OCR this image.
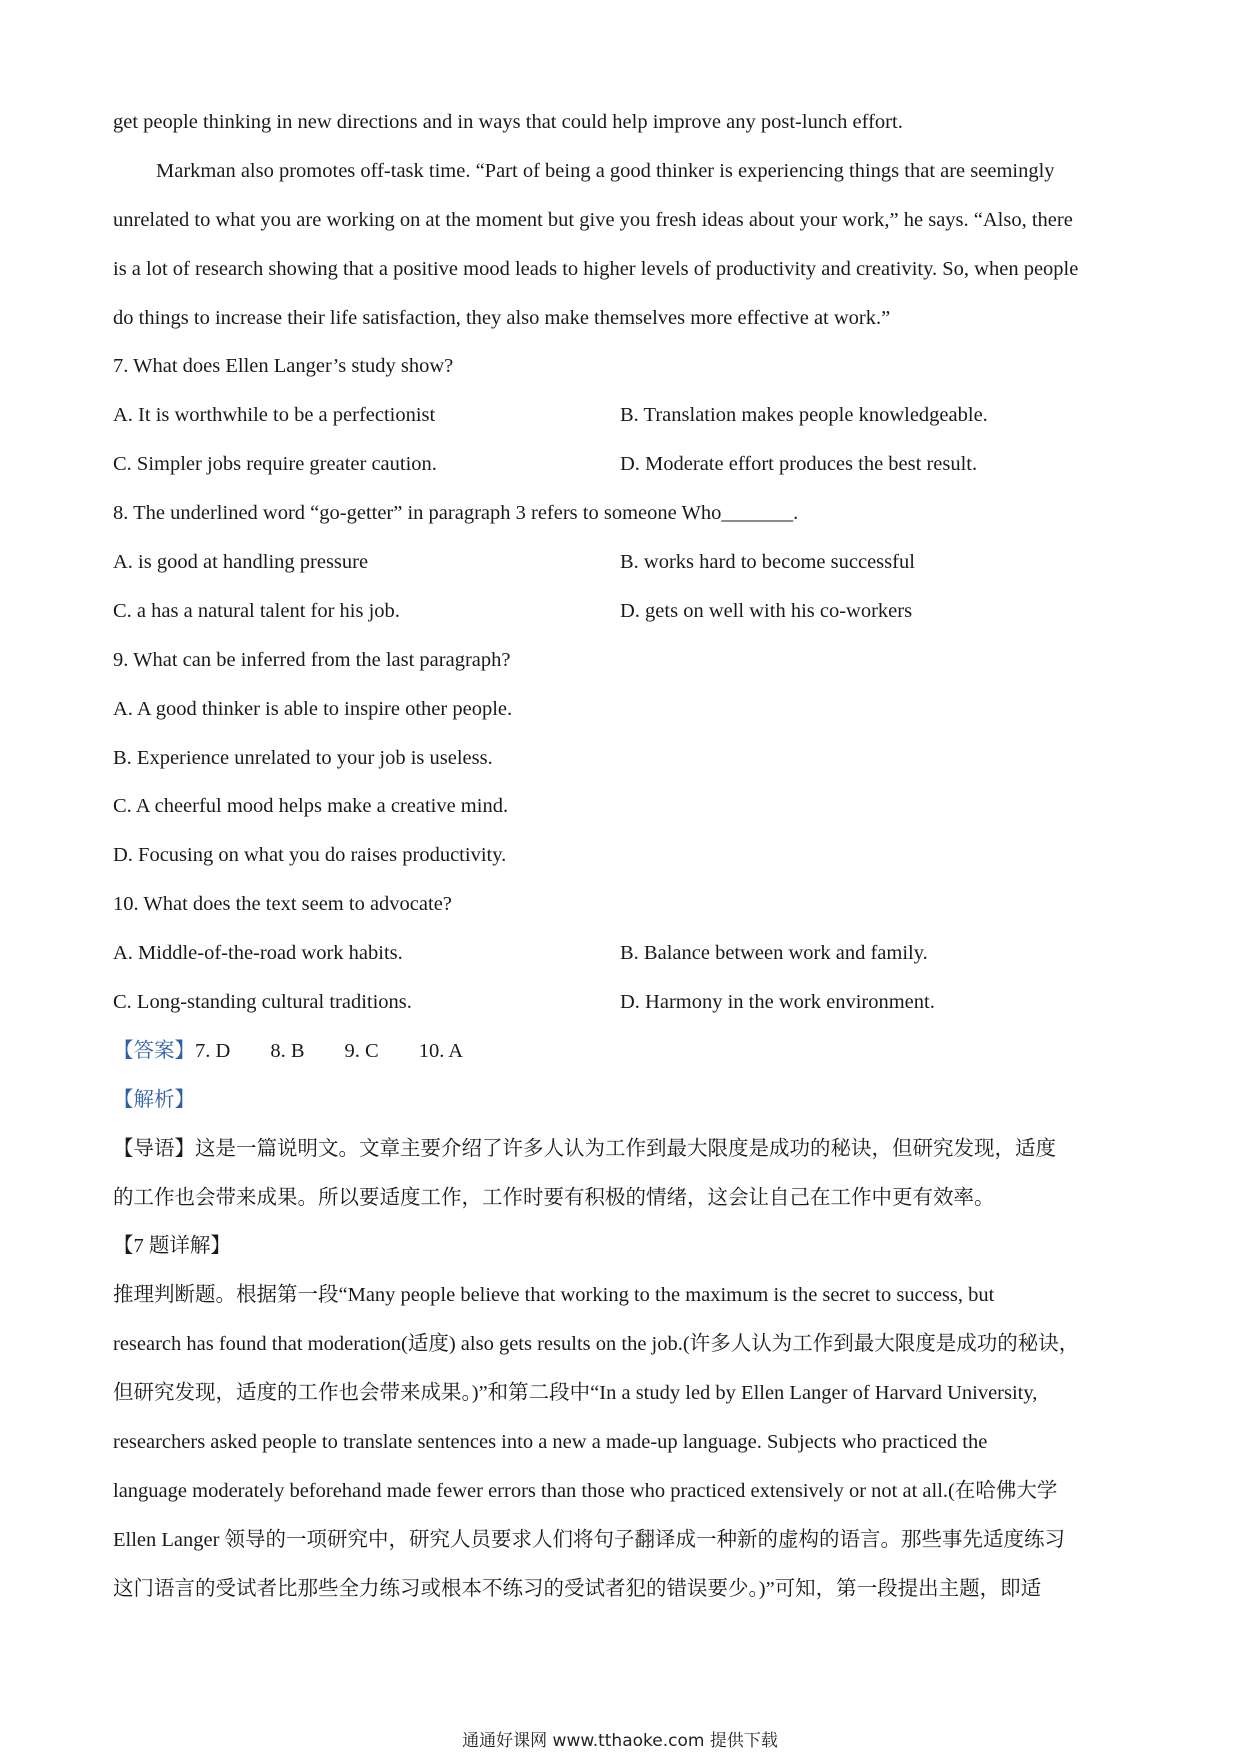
get people thinking in new directions and in ways that could help improve any post-lunch effort.
Markman also promotes off-task time. “Part of being a good thinker is experiencing things that are seemingly
unrelated to what you are working on at the moment but give you fresh ideas about your work,” he says. “Also, there
is a lot of research showing that a positive mood leads to higher levels of productivity and creativity. So, when people
do things to increase their life satisfaction, they also make themselves more effective at work.”
7. What does Ellen Langer’s study show?
A. It is worthwhile to be a perfectionist	B. Translation makes people knowledgeable.
C. Simpler jobs require greater caution.	D. Moderate effort produces the best result.
8. The underlined word “go-getter” in paragraph 3 refers to someone Who_______.
A. is good at handling pressure	B. works hard to become successful
C. a has a natural talent for his job.	D. gets on well with his co-workers
9. What can be inferred from the last paragraph?
A. A good thinker is able to inspire other people.
B. Experience unrelated to your job is useless.
C. A cheerful mood helps make a creative mind.
D. Focusing on what you do raises productivity.
10. What does the text seem to advocate?
A. Middle-of-the-road work habits.	B. Balance between work and family.
C. Long-standing cultural traditions.	D. Harmony in the work environment.
【答案】7. D 8. B 9. C 10. A
【解析】
【导语】这是一篇说明文。文章主要介绍了许多人认为工作到最大限度是成功的秘诀，但研究发现，适度
的工作也会带来成果。所以要适度工作，工作时要有积极的情绪，这会让自己在工作中更有效率。
【7 题详解】
推理判断题。根据第一段“Many people believe that working to the maximum is the secret to success, but
research has found that moderation(适度) also gets results on the job.(许多人认为工作到最大限度是成功的秘诀，
但研究发现，适度的工作也会带来成果。)”和第二段中“In a study led by Ellen Langer of Harvard University,
researchers asked people to translate sentences into a new a made-up language. Subjects who practiced the
language moderately beforehand made fewer errors than those who practiced extensively or not at all.(在哈佛大学
Ellen Langer 领导的一项研究中，研究人员要求人们将句子翻译成一种新的虚构的语言。那些事先适度练习
这门语言的受试者比那些全力练习或根本不练习的受试者犯的错误要少。)”可知，第一段提出主题，即适
通通好课网 www.tthaoke.com 提供下载
